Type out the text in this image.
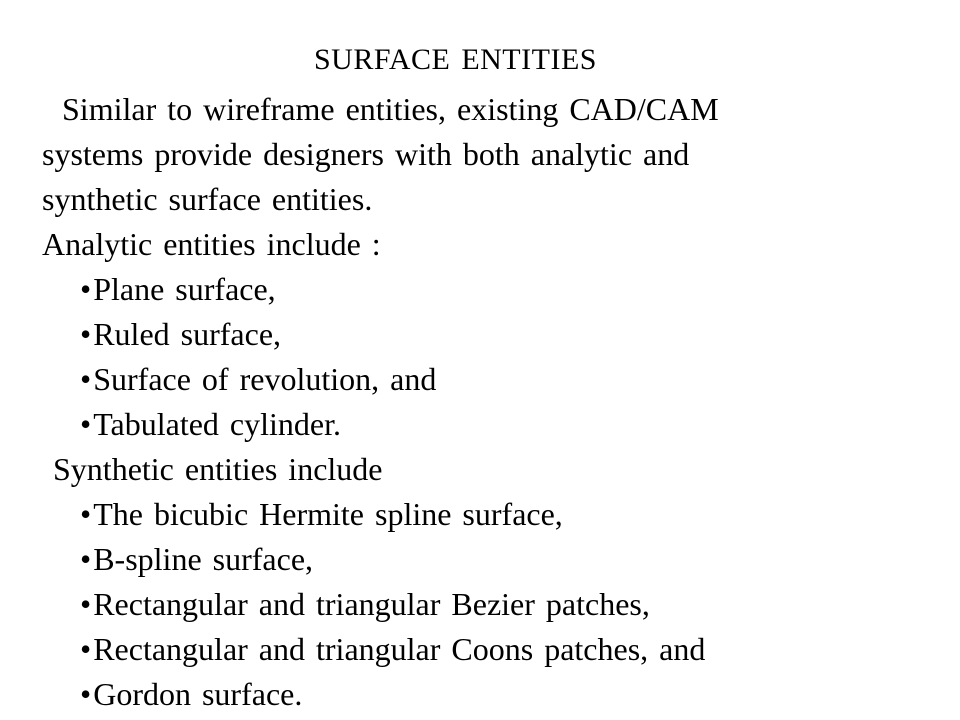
SURFACE ENTITIES
Similar to wireframe entities, existing CAD/CAM
systems provide designers with both analytic and
synthetic surface entities.
Analytic entities include :
•Plane surface,
•Ruled surface,
•Surface of revolution, and
•Tabulated cylinder.
Synthetic entities include
•The bicubic Hermite spline surface,
•B-spline surface,
•Rectangular and triangular Bezier patches,
•Rectangular and triangular Coons patches, and
•Gordon surface.
